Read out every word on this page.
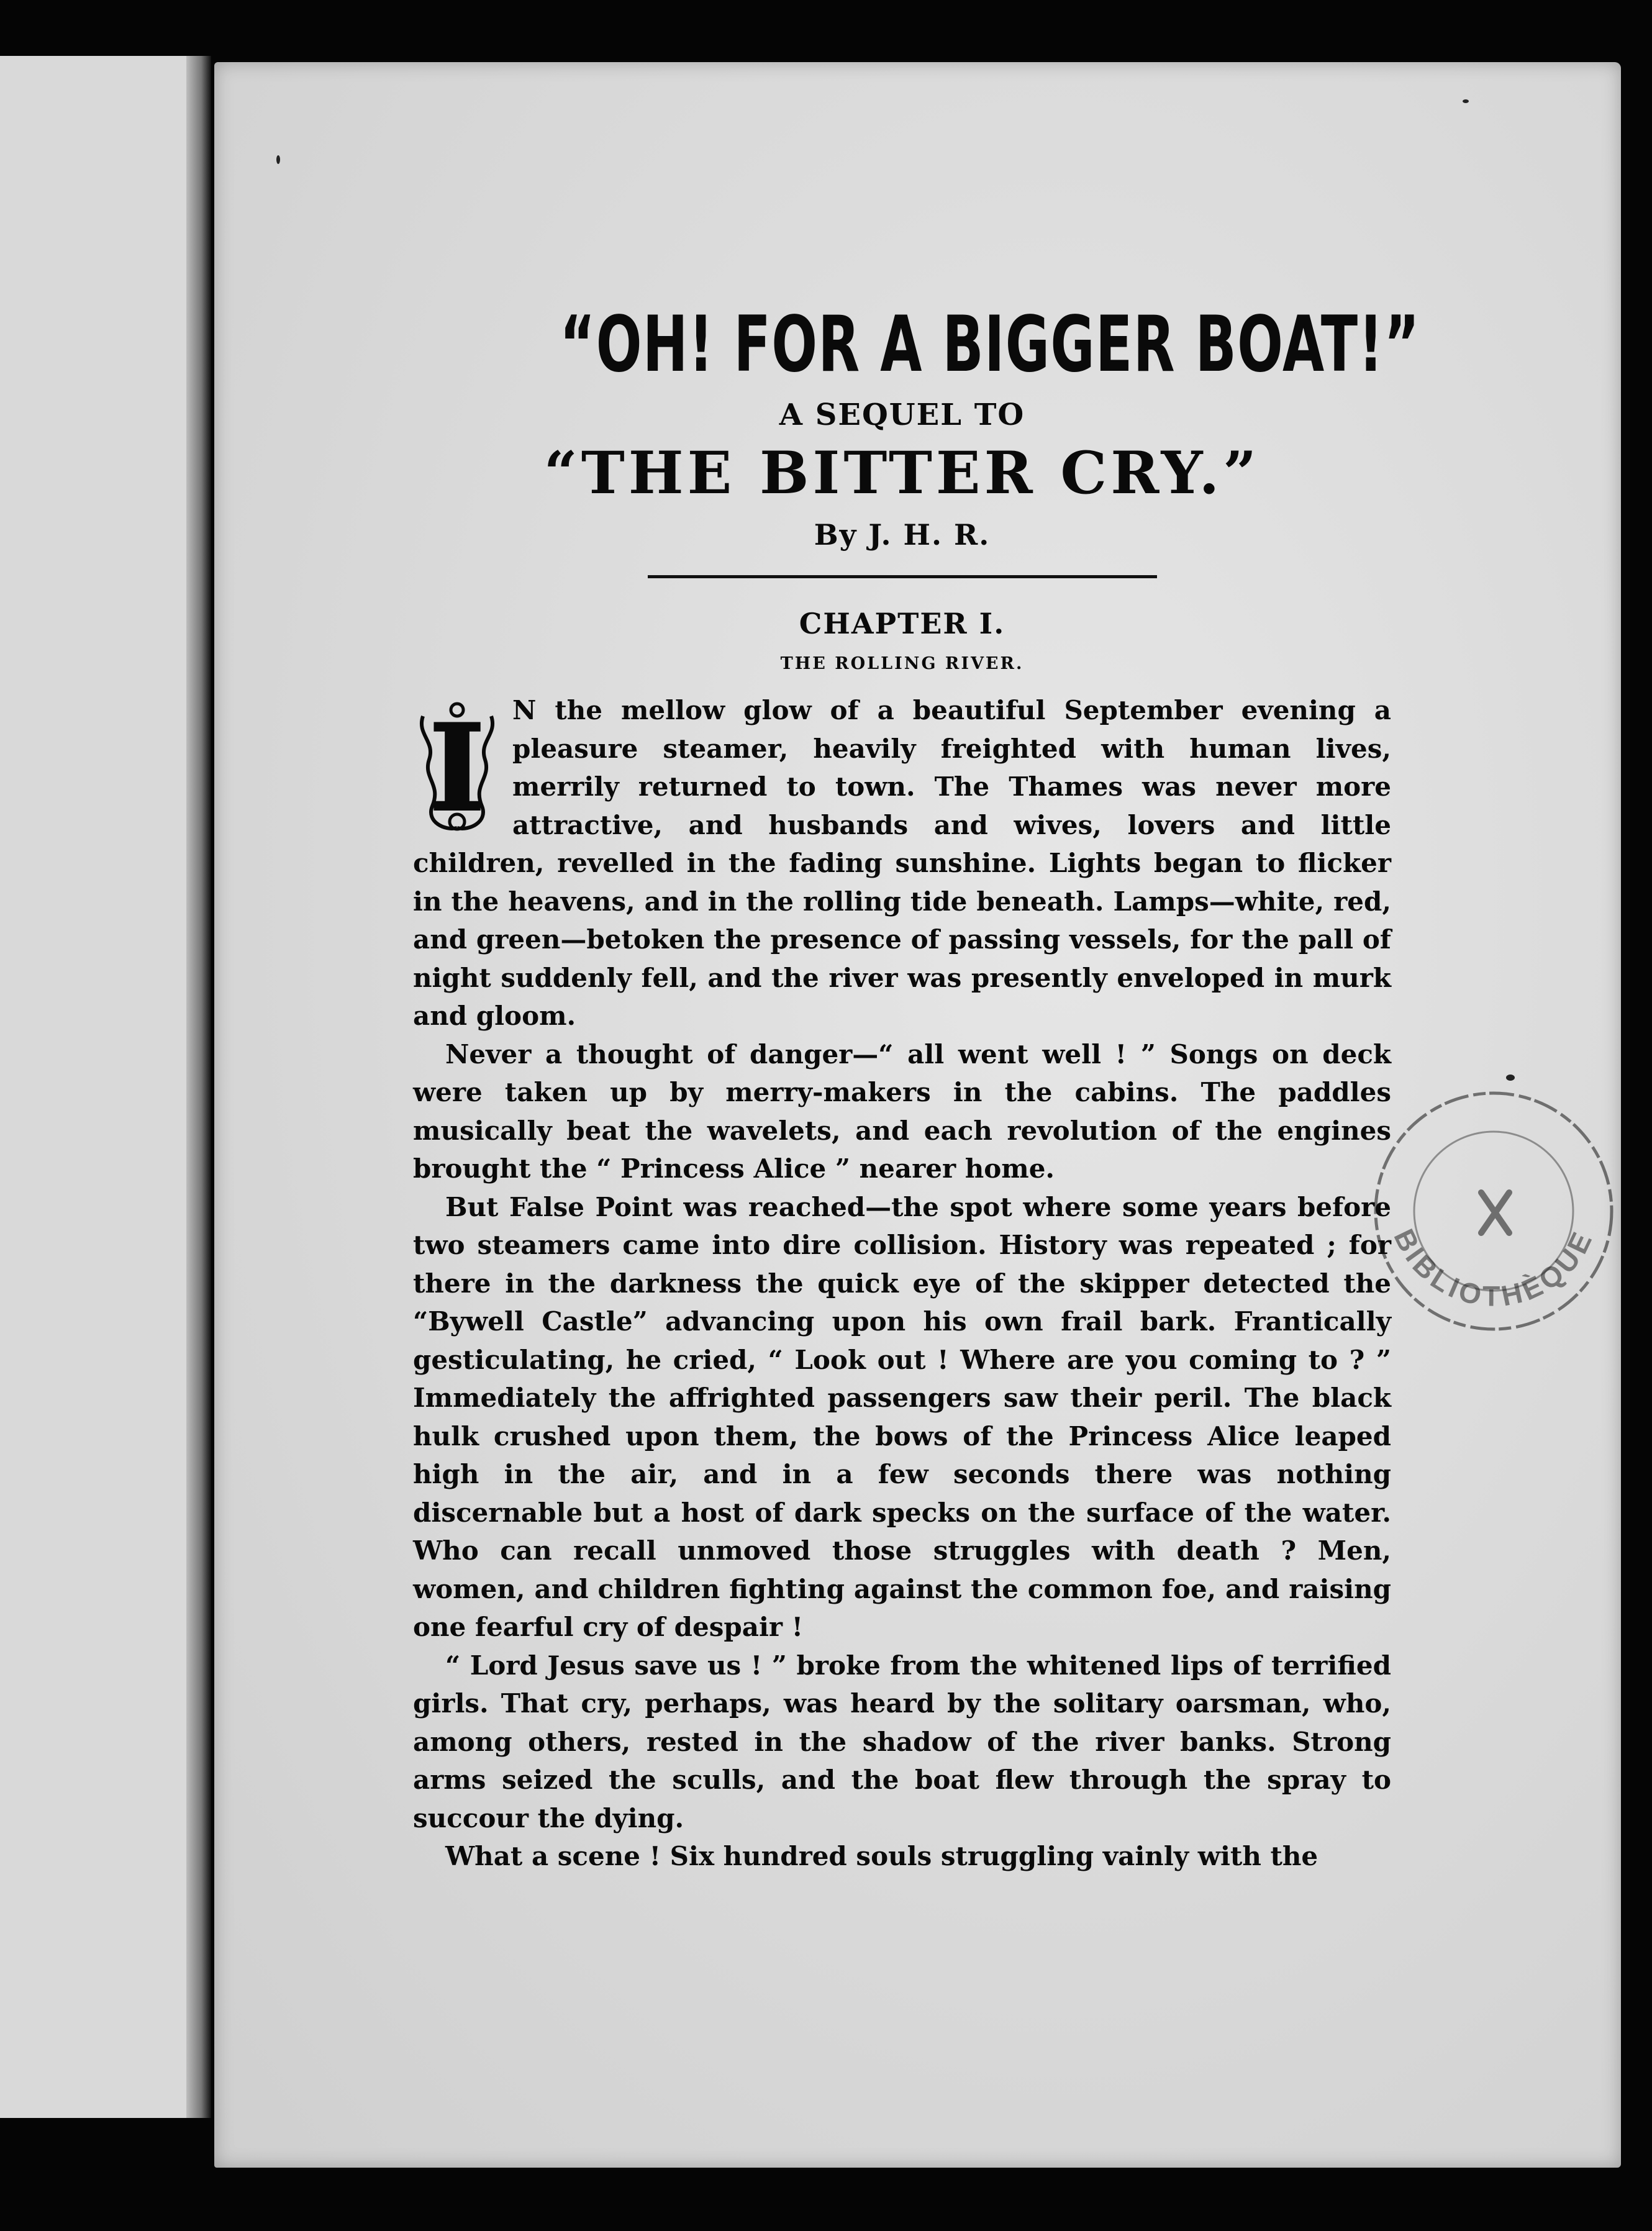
“OH! FOR A BIGGER BOAT!”
A SEQUEL TO
“THE BITTER CRY.”
By J. H. R.
CHAPTER I.
THE ROLLING RIVER.
I	N the mellow glow of a beautiful September evening a pleasure steamer, heavily freighted with human lives, merrily returned to town. The Thames was never more attractive, and husbands and wives, lovers and little children, revelled in the fading sunshine. Lights began to flicker in the heavens, and in the rolling tide beneath. Lamps—white, red, and green—betoken the presence of passing vessels, for the pall of night suddenly fell, and the river was presently enveloped in murk and gloom.

Never a thought of danger—“ all went well ! ” Songs on deck were taken up by merry-makers in the cabins. The paddles musically beat the wavelets, and each revolution of the engines brought the “ Princess Alice ” nearer home.

But False Point was reached—the spot where some years before two steamers came into dire collision. History was repeated ; for there in the darkness the quick eye of the skipper detected the “Bywell Castle” advancing upon his own frail bark. Frantically gesticulating, he cried, “ Look out ! Where are you coming to ? ” Immediately the affrighted passengers saw their peril. The black hulk crushed upon them, the bows of the Princess Alice leaped high in the air, and in a few seconds there was nothing discernable but a host of dark specks on the surface of the water. Who can recall unmoved those struggles with death ? Men, women, and children fighting against the common foe, and raising one fearful cry of despair !

“ Lord Jesus save us ! ” broke from the whitened lips of terrified girls. That cry, perhaps, was heard by the solitary oarsman, who, among others, rested in the shadow of the river banks. Strong arms seized the sculls, and the boat flew through the spray to succour the dying.

What a scene ! Six hundred souls struggling vainly with the

BIBLIOTHÈQUE
